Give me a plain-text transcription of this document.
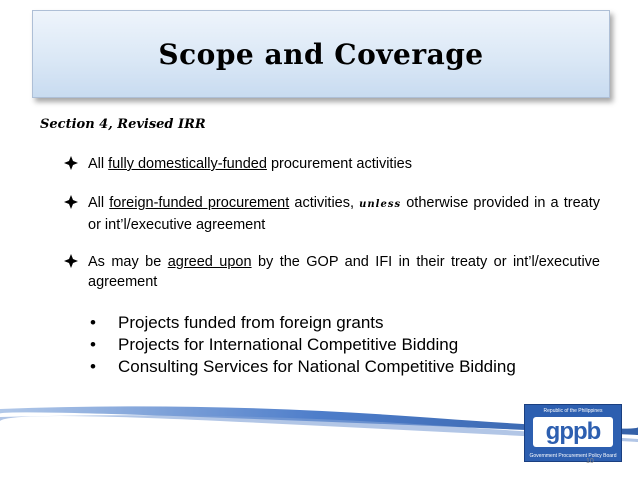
Scope and Coverage
Section 4, Revised IRR
All fully domestically-funded procurement activities
All foreign-funded procurement activities, unless otherwise provided in a treaty or int’l/executive agreement
As may be agreed upon by the GOP and IFI in their treaty or int’l/executive agreement
• Projects funded from foreign grants
• Projects for International Competitive Bidding
• Consulting Services for National Competitive Bidding
Republic of the Philippines
gppb
Government Procurement Policy Board
10
